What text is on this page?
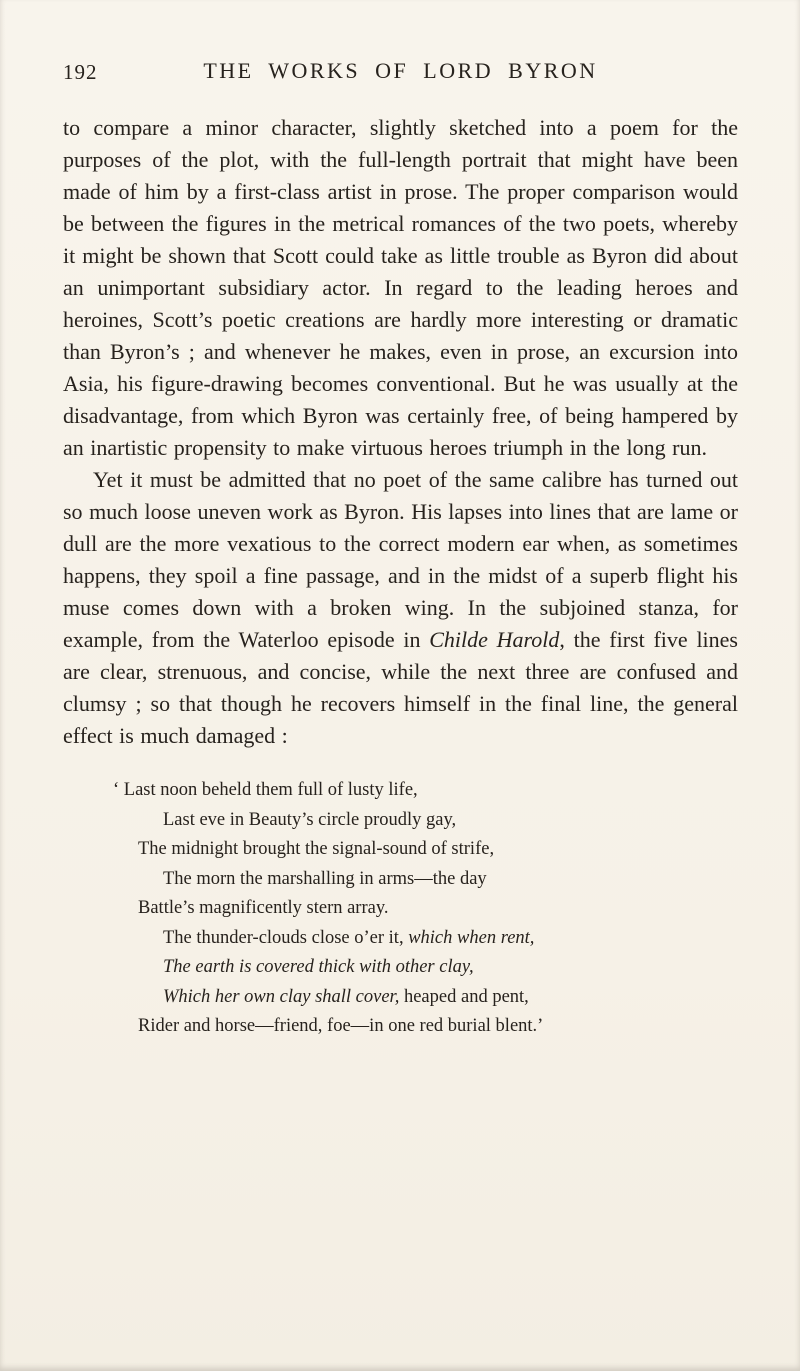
192	THE WORKS OF LORD BYRON

to compare a minor character, slightly sketched into a poem for the purposes of the plot, with the full-length portrait that might have been made of him by a first-class artist in prose. The proper comparison would be between the figures in the metrical romances of the two poets, whereby it might be shown that Scott could take as little trouble as Byron did about an unimportant subsidiary actor. In regard to the leading heroes and heroines, Scott’s poetic creations are hardly more interesting or dramatic than Byron’s ; and whenever he makes, even in prose, an excursion into Asia, his figure-drawing becomes conventional. But he was usually at the disadvantage, from which Byron was certainly free, of being hampered by an inartistic propensity to make virtuous heroes triumph in the long run.

Yet it must be admitted that no poet of the same calibre has turned out so much loose uneven work as Byron. His lapses into lines that are lame or dull are the more vexatious to the correct modern ear when, as sometimes happens, they spoil a fine passage, and in the midst of a superb flight his muse comes down with a broken wing. In the subjoined stanza, for example, from the Waterloo episode in Childe Harold, the first five lines are clear, strenuous, and concise, while the next three are confused and clumsy ; so that though he recovers himself in the final line, the general effect is much damaged :

‘ Last noon beheld them full of lusty life,
Last eve in Beauty’s circle proudly gay,
The midnight brought the signal-sound of strife,
The morn the marshalling in arms—the day
Battle’s magnificently stern array.
The thunder-clouds close o’er it, which when rent,
The earth is covered thick with other clay,
Which her own clay shall cover, heaped and pent,
Rider and horse—friend, foe—in one red burial blent.’
